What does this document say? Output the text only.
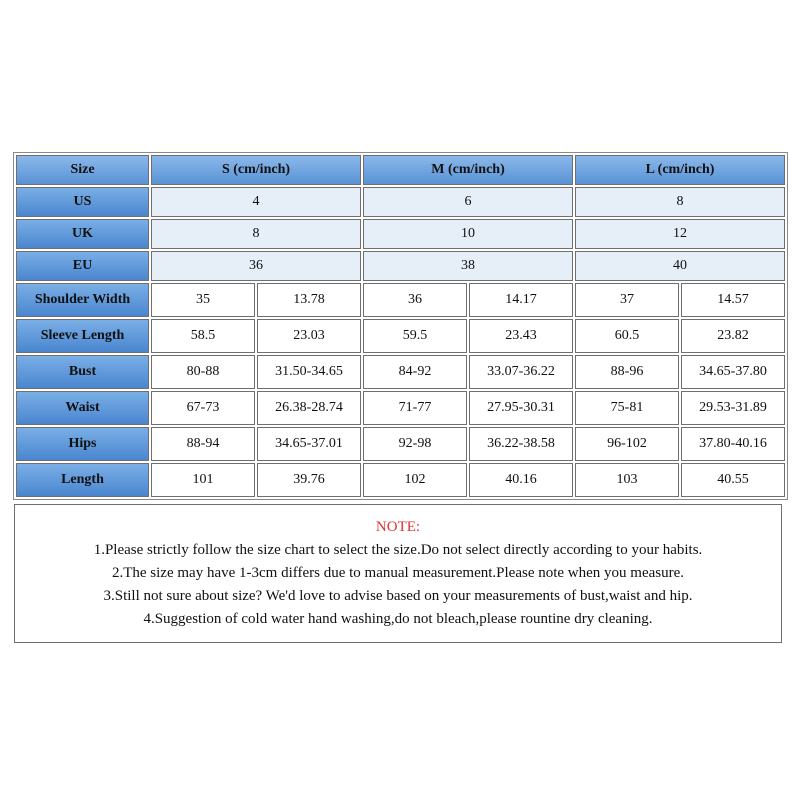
Size	S (cm/inch)		M (cm/inch)		L (cm/inch)	
US	4		6		8	
UK	8		10		12	
EU	36		38		40	
Shoulder Width	35	13.78	36	14.17	37	14.57
Sleeve Length	58.5	23.03	59.5	23.43	60.5	23.82
Bust	80-88	31.50-34.65	84-92	33.07-36.22	88-96	34.65-37.80
Waist	67-73	26.38-28.74	71-77	27.95-30.31	75-81	29.53-31.89
Hips	88-94	34.65-37.01	92-98	36.22-38.58	96-102	37.80-40.16
Length	101	39.76	102	40.16	103	40.55
NOTE:
1.Please strictly follow the size chart to select the size.Do not select directly according to your habits.
2.The size may have 1-3cm differs due to manual measurement.Please note when you measure.
3.Still not sure about size? We'd love to advise based on your measurements of bust,waist and hip.
4.Suggestion of cold water hand washing,do not bleach,please rountine dry cleaning.
